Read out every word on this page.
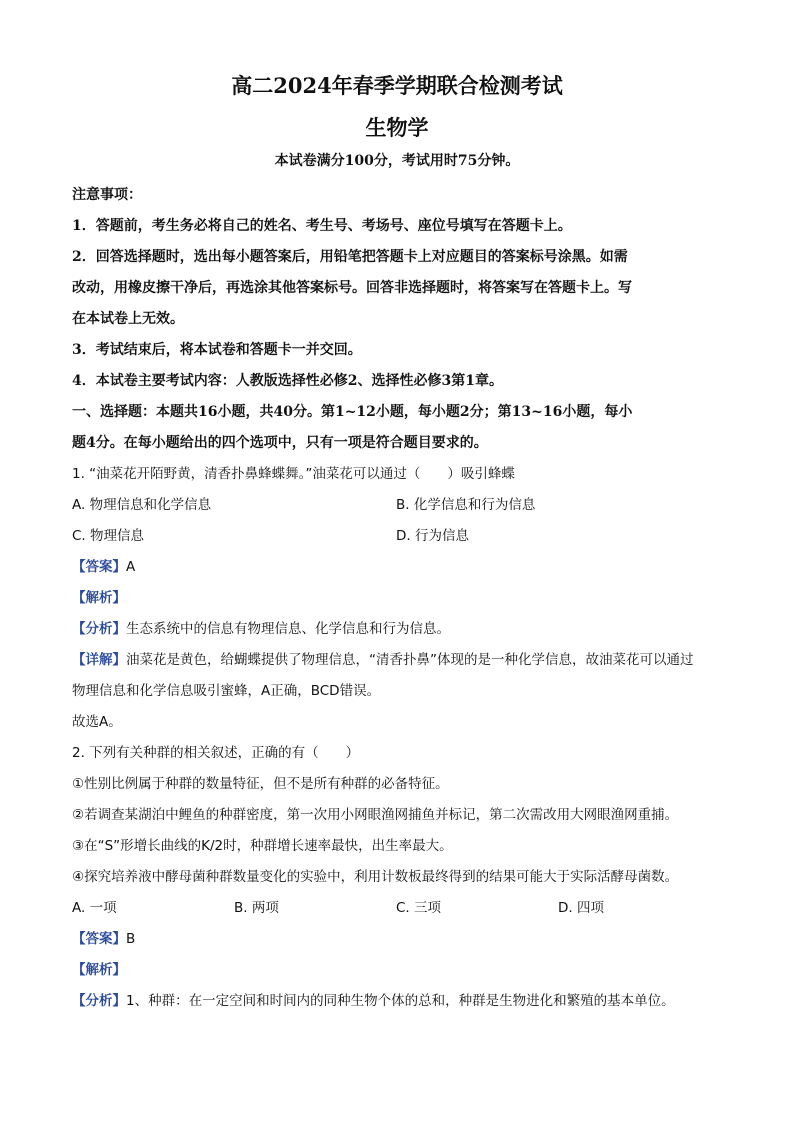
高二2024年春季学期联合检测考试
生物学
本试卷满分100分，考试用时75分钟。
注意事项：
1．答题前，考生务必将自己的姓名、考生号、考场号、座位号填写在答题卡上。
2．回答选择题时，选出每小题答案后，用铅笔把答题卡上对应题目的答案标号涂黑。如需
改动，用橡皮擦干净后，再选涂其他答案标号。回答非选择题时，将答案写在答题卡上。写
在本试卷上无效。
3．考试结束后，将本试卷和答题卡一并交回。
4．本试卷主要考试内容：人教版选择性必修2、选择性必修3第1章。
一、选择题：本题共16小题，共40分。第1~12小题，每小题2分；第13~16小题，每小
题4分。在每小题给出的四个选项中，只有一项是符合题目要求的。
1. “油菜花开陌野黄，清香扑鼻蜂蝶舞。”油菜花可以通过（　　）吸引蜂蝶
A. 物理信息和化学信息	B. 化学信息和行为信息
C. 物理信息	D. 行为信息
【答案】A
【解析】
【分析】生态系统中的信息有物理信息、化学信息和行为信息。
【详解】油菜花是黄色，给蝴蝶提供了物理信息，“清香扑鼻”体现的是一种化学信息，故油菜花可以通过
物理信息和化学信息吸引蜜蜂，A正确，BCD错误。
故选A。
2. 下列有关种群的相关叙述，正确的有（　　）
①性别比例属于种群的数量特征，但不是所有种群的必备特征。
②若调查某湖泊中鲤鱼的种群密度，第一次用小网眼渔网捕鱼并标记，第二次需改用大网眼渔网重捕。
③在“S”形增长曲线的K/2时，种群增长速率最快，出生率最大。
④探究培养液中酵母菌种群数量变化的实验中，利用计数板最终得到的结果可能大于实际活酵母菌数。
A. 一项	B. 两项	C. 三项	D. 四项
【答案】B
【解析】
【分析】1、种群：在一定空间和时间内的同种生物个体的总和，种群是生物进化和繁殖的基本单位。
